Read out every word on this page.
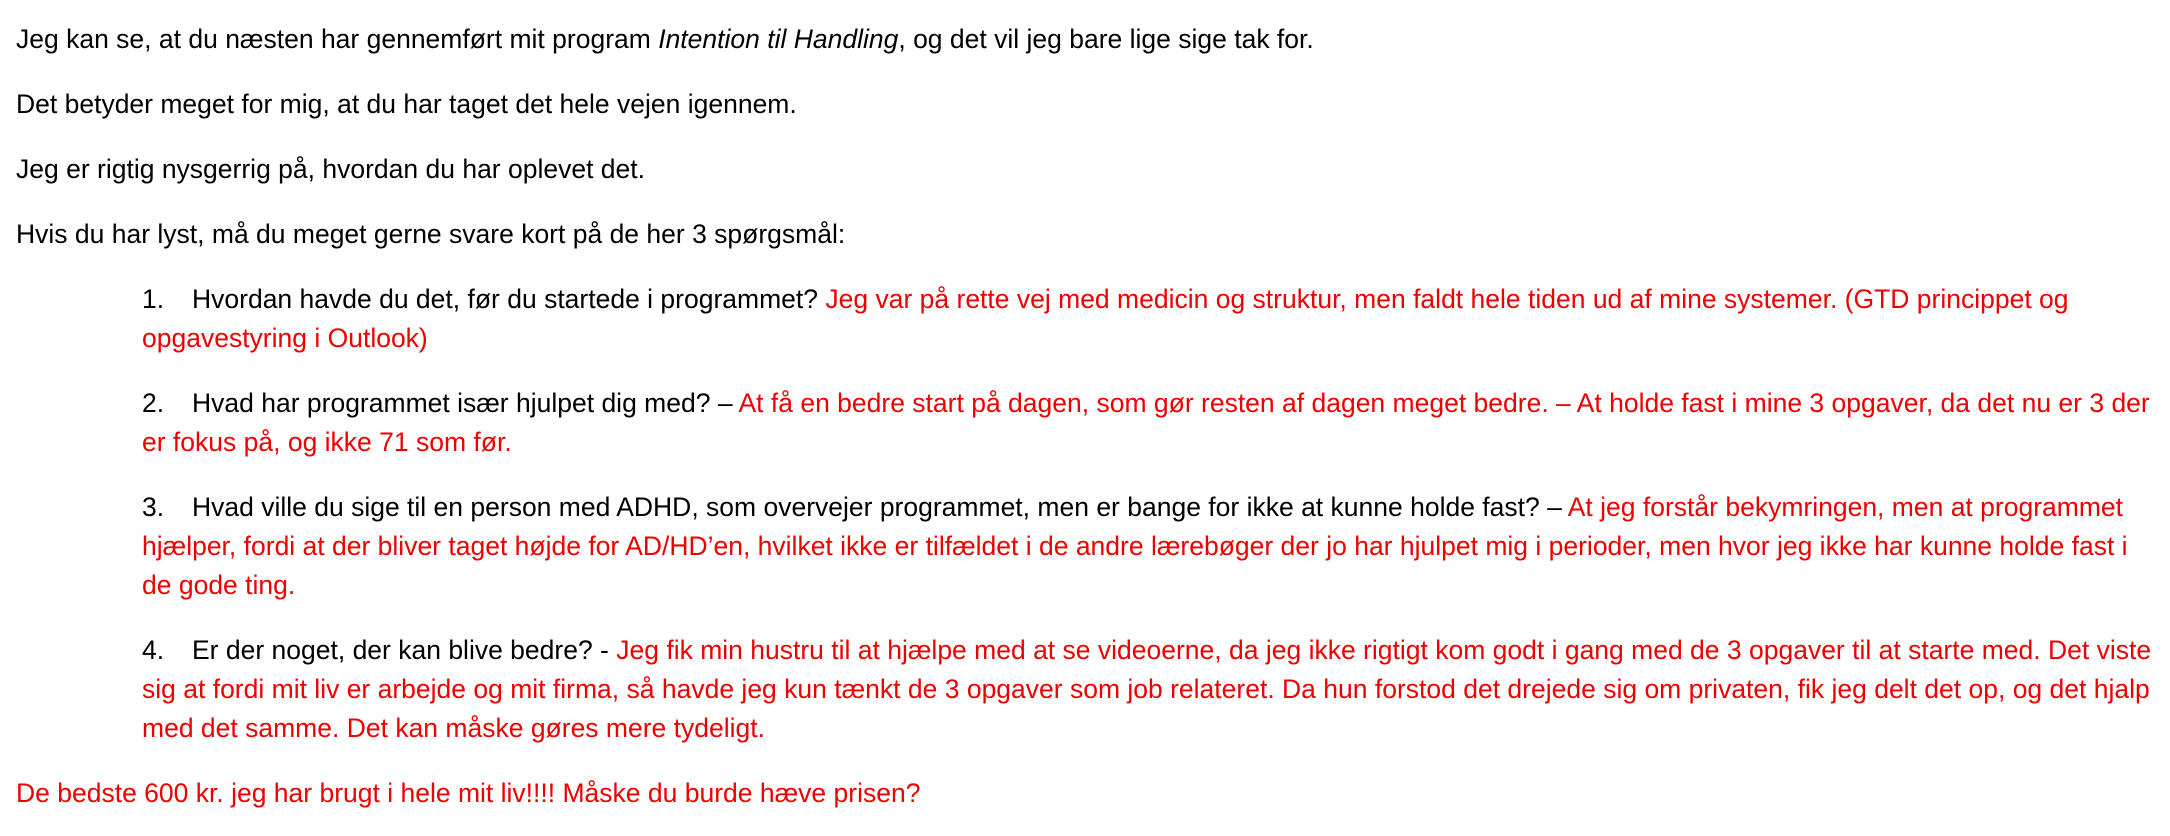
Jeg kan se, at du næsten har gennemført mit program Intention til Handling, og det vil jeg bare lige sige tak for.

Det betyder meget for mig, at du har taget det hele vejen igennem.

Jeg er rigtig nysgerrig på, hvordan du har oplevet det.

Hvis du har lyst, må du meget gerne svare kort på de her 3 spørgsmål:

1. Hvordan havde du det, før du startede i programmet? Jeg var på rette vej med medicin og struktur, men faldt hele tiden ud af mine systemer. (GTD princippet og opgavestyring i Outlook)
2. Hvad har programmet især hjulpet dig med? – At få en bedre start på dagen, som gør resten af dagen meget bedre. – At holde fast i mine 3 opgaver, da det nu er 3 der er fokus på, og ikke 71 som før.
3. Hvad ville du sige til en person med ADHD, som overvejer programmet, men er bange for ikke at kunne holde fast? – At jeg forstår bekymringen, men at programmet hjælper, fordi at der bliver taget højde for AD/HD’en, hvilket ikke er tilfældet i de andre lærebøger der jo har hjulpet mig i perioder, men hvor jeg ikke har kunne holde fast i de gode ting.
4. Er der noget, der kan blive bedre? - Jeg fik min hustru til at hjælpe med at se videoerne, da jeg ikke rigtigt kom godt i gang med de 3 opgaver til at starte med. Det viste sig at fordi mit liv er arbejde og mit firma, så havde jeg kun tænkt de 3 opgaver som job relateret. Da hun forstod det drejede sig om privaten, fik jeg delt det op, og det hjalp med det samme. Det kan måske gøres mere tydeligt.

De bedste 600 kr. jeg har brugt i hele mit liv!!!! Måske du burde hæve prisen?
